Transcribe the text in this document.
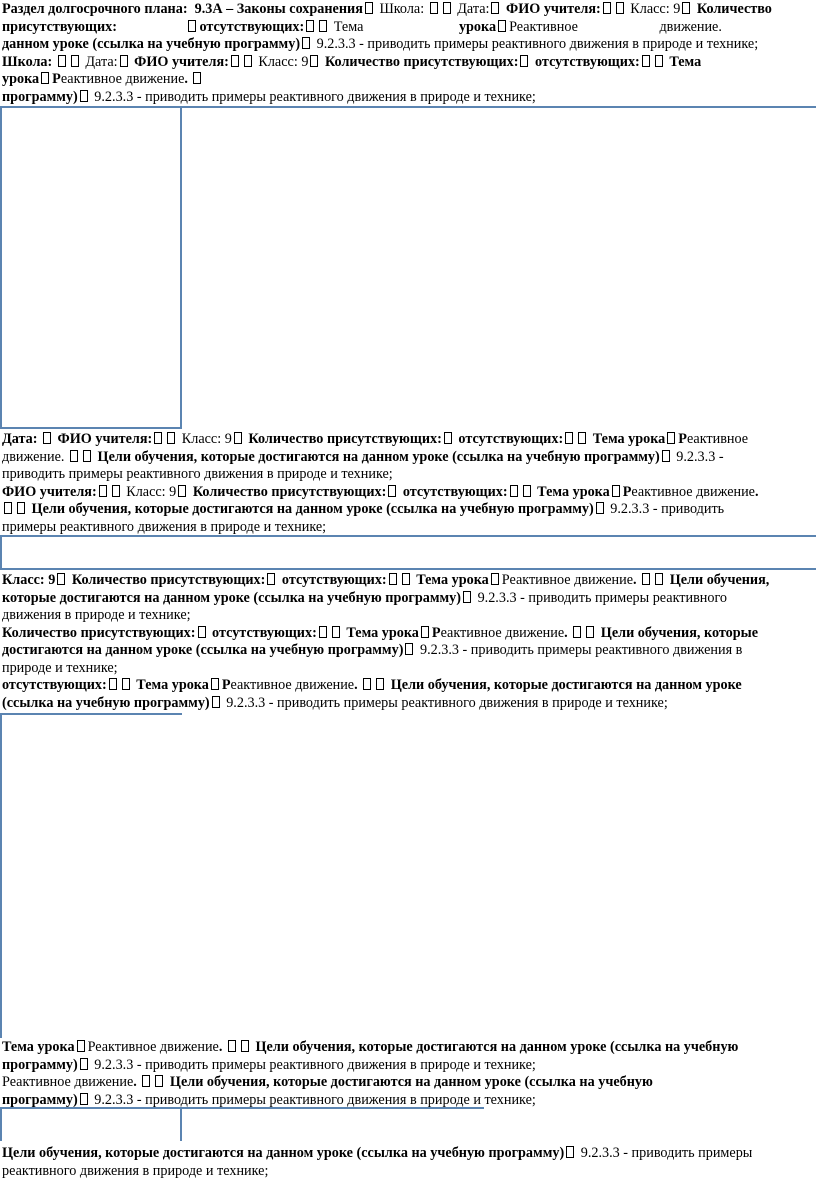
Раздел долгосрочного плана: 9.3А – Законы сохранения Школа: Дата: ФИО учителя: Класс: 9 Количество
присутствующих:	отсутствующих: Тема	урока Реактивное	движение.
данном уроке (ссылка на учебную программу) 9.2.3.3 - приводить примеры реактивного движения в природе и технике;
Школа: Дата: ФИО учителя: Класс: 9 Количество присутствующих: отсутствующих: Тема
урока Реактивное движение.
программу) 9.2.3.3 - приводить примеры реактивного движения в природе и технике;
Дата: ФИО учителя: Класс: 9 Количество присутствующих: отсутствующих: Тема урока Реактивное
движение. Цели обучения, которые достигаются на данном уроке (ссылка на учебную программу) 9.2.3.3 -
приводить примеры реактивного движения в природе и технике;
ФИО учителя: Класс: 9 Количество присутствующих: отсутствующих: Тема урока Реактивное движение.
Цели обучения, которые достигаются на данном уроке (ссылка на учебную программу) 9.2.3.3 - приводить
примеры реактивного движения в природе и технике;
Класс: 9 Количество присутствующих: отсутствующих: Тема урока Реактивное движение. Цели обучения,
которые достигаются на данном уроке (ссылка на учебную программу) 9.2.3.3 - приводить примеры реактивного
движения в природе и технике;
Количество присутствующих: отсутствующих: Тема урока Реактивное движение. Цели обучения, которые
достигаются на данном уроке (ссылка на учебную программу) 9.2.3.3 - приводить примеры реактивного движения в
природе и технике;
отсутствующих: Тема урока Реактивное движение. Цели обучения, которые достигаются на данном уроке
(ссылка на учебную программу) 9.2.3.3 - приводить примеры реактивного движения в природе и технике;
Тема урока Реактивное движение. Цели обучения, которые достигаются на данном уроке (ссылка на учебную
программу) 9.2.3.3 - приводить примеры реактивного движения в природе и технике;
Реактивное движение. Цели обучения, которые достигаются на данном уроке (ссылка на учебную
программу) 9.2.3.3 - приводить примеры реактивного движения в природе и технике;
Цели обучения, которые достигаются на данном уроке (ссылка на учебную программу) 9.2.3.3 - приводить примеры
реактивного движения в природе и технике;
